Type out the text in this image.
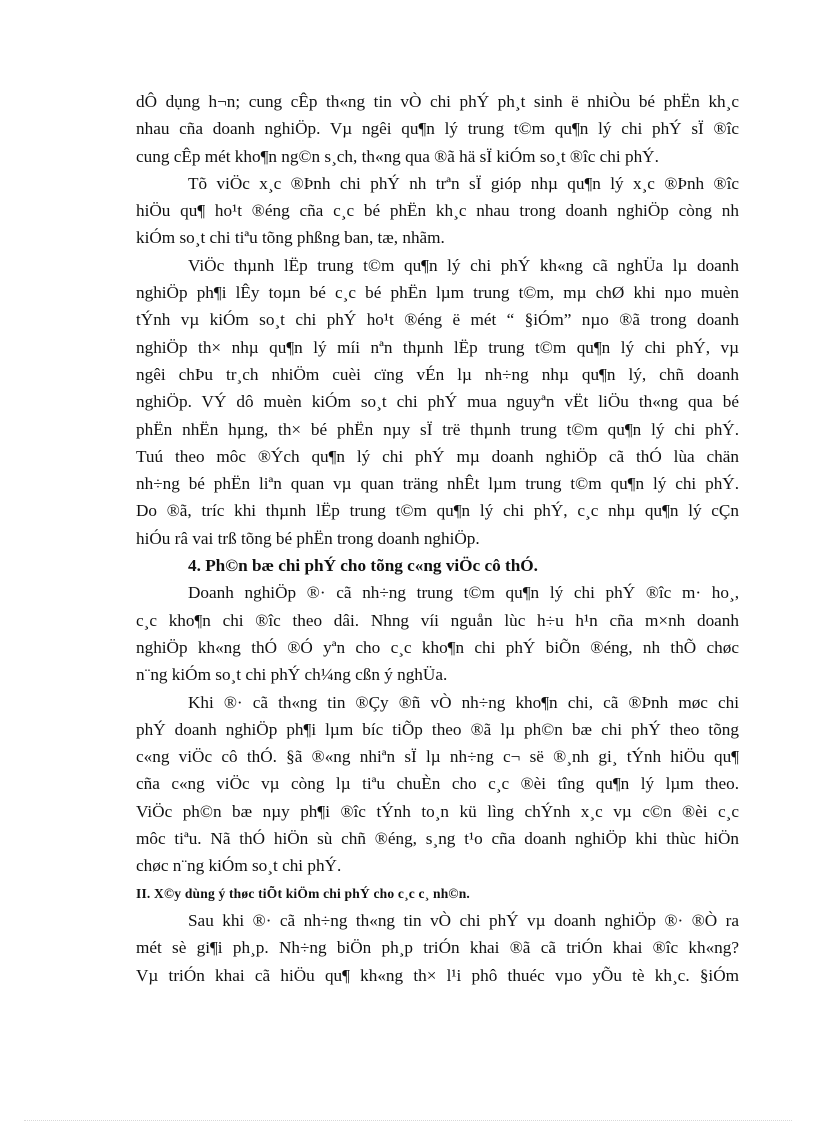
dÔ dụng h¬n; cung cÊp th«ng tin vÒ chi phÝ ph¸t sinh ë nhiÒu bé phËn kh¸c
nhau cña doanh nghiÖp. Vµ ngêi qu¶n lý trung t©m qu¶n lý chi phÝ sÏ ®îc
cung cÊp mét kho¶n ng©n s¸ch, th«ng qua ®ã hä sÏ kiÓm so¸t ®îc chi phÝ.
Tõ viÖc x¸c ®Þnh chi phÝ nh trªn sÏ gióp nhµ qu¶n lý x¸c ®Þnh ®îc
hiÖu qu¶ ho¹t ®éng cña c¸c bé phËn kh¸c nhau trong doanh nghiÖp còng nh
kiÓm so¸t chi tiªu tõng phßng ban, tæ, nhãm.
ViÖc thµnh lËp trung t©m qu¶n lý chi phÝ kh«ng cã nghÜa lµ doanh
nghiÖp ph¶i lÊy toµn bé c¸c bé phËn lµm trung t©m, mµ chØ khi nµo muèn
tÝnh vµ kiÓm so¸t chi phÝ ho¹t ®éng ë mét “ §iÓm” nµo ®ã trong doanh
nghiÖp th× nhµ qu¶n lý míi nªn thµnh lËp trung t©m qu¶n lý chi phÝ, vµ
ngêi chÞu tr¸ch nhiÖm cuèi cïng vÉn lµ nh÷ng nhµ qu¶n lý, chñ doanh
nghiÖp. VÝ dô muèn kiÓm so¸t chi phÝ mua nguyªn vËt liÖu th«ng qua bé
phËn nhËn hµng, th× bé phËn nµy sÏ trë thµnh trung t©m qu¶n lý chi phÝ.
Tuú theo môc ®Ých qu¶n lý chi phÝ mµ doanh nghiÖp cã thÓ lùa chän
nh÷ng bé phËn liªn quan vµ quan träng nhÊt lµm trung t©m qu¶n lý chi phÝ.
Do ®ã, tríc khi thµnh lËp trung t©m qu¶n lý chi phÝ, c¸c nhµ qu¶n lý cÇn
hiÓu râ vai trß tõng bé phËn trong doanh nghiÖp.
4. Ph©n bæ chi phÝ cho tõng c«ng viÖc cô thÓ.
Doanh nghiÖp ®· cã nh÷ng trung t©m qu¶n lý chi phÝ ®îc m· ho¸,
c¸c kho¶n chi ®îc theo dâi. Nhng víi nguån lùc h÷u h¹n cña m×nh doanh
nghiÖp kh«ng thÓ ®Ó yªn cho c¸c kho¶n chi phÝ biÕn ®éng, nh thÕ chøc
n¨ng kiÓm so¸t chi phÝ ch¼ng cßn ý nghÜa.
Khi ®· cã th«ng tin ®Çy ®ñ vÒ nh÷ng kho¶n chi, cã ®Þnh møc chi
phÝ doanh nghiÖp ph¶i lµm bíc tiÕp theo ®ã lµ ph©n bæ chi phÝ theo tõng
c«ng viÖc cô thÓ. §ã ®«ng nhiªn sÏ lµ nh÷ng c¬ së ®¸nh gi¸ tÝnh hiÖu qu¶
cña c«ng viÖc vµ còng lµ tiªu chuÈn cho c¸c ®èi tîng qu¶n lý lµm theo.
ViÖc ph©n bæ nµy ph¶i ®îc tÝnh to¸n kü lìng chÝnh x¸c vµ c©n ®èi c¸c
môc tiªu. Nã thÓ hiÖn sù chñ ®éng, s¸ng t¹o cña doanh nghiÖp khi thùc hiÖn
chøc n¨ng kiÓm so¸t chi phÝ.
II. X©y dùng ý thøc tiÕt kiÖm chi phÝ cho c¸c c¸ nh©n.
Sau khi ®· cã nh÷ng th«ng tin vÒ chi phÝ vµ doanh nghiÖp ®· ®Ò ra
mét sè gi¶i ph¸p. Nh÷ng biÖn ph¸p triÓn khai ®ã cã triÓn khai ®îc kh«ng?
Vµ triÓn khai cã hiÖu qu¶ kh«ng th× l¹i phô thuéc vµo yÕu tè kh¸c. §iÓm
